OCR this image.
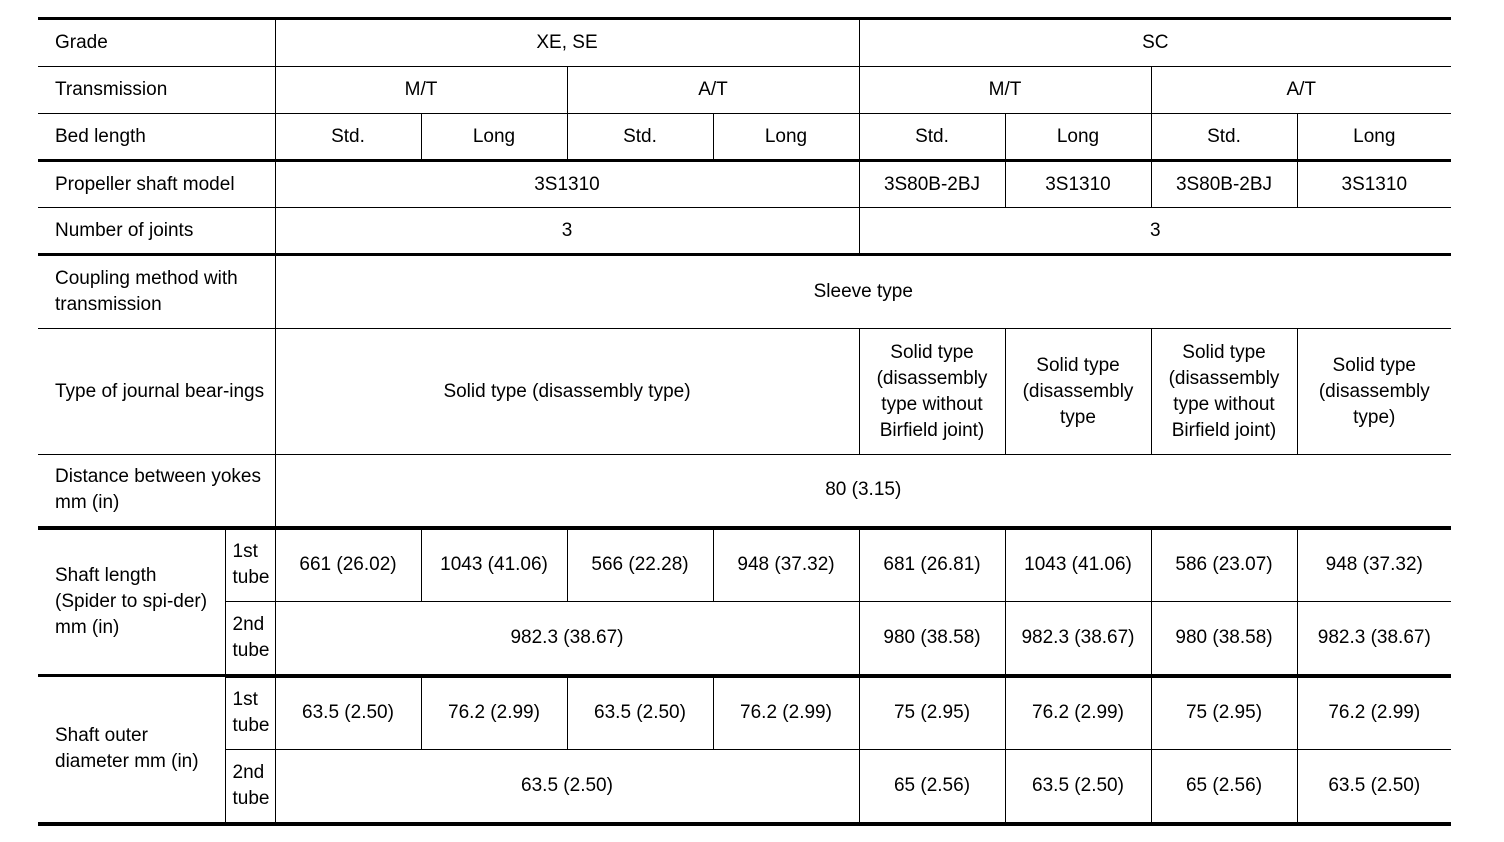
Grade		XE, SE				SC			
Transmission		M/T		A/T		M/T		A/T	
Bed length		Std.	Long	Std.	Long	Std.	Long	Std.	Long
Propeller shaft model		3S1310				3S80B-2BJ	3S1310	3S80B-2BJ	3S1310
Number of joints		3				3			
Coupling method with transmission		Sleeve type							
Type of journal bear-ings		Solid type (disassembly type)				Solid type (disassembly type without Birfield joint)	Solid type (disassembly type	Solid type (disassembly type without Birfield joint)	Solid type (disassembly type)
Distance between yokes mm (in)		80 (3.15)							
Shaft length (Spider to spi-der) mm (in)	1st tube	661 (26.02)	1043 (41.06)	566 (22.28)	948 (37.32)	681 (26.81)	1043 (41.06)	586 (23.07)	948 (37.32)
	2nd tube	982.3 (38.67)				980 (38.58)	982.3 (38.67)	980 (38.58)	982.3 (38.67)
Shaft outer diameter mm (in)	1st tube	63.5 (2.50)	76.2 (2.99)	63.5 (2.50)	76.2 (2.99)	75 (2.95)	76.2 (2.99)	75 (2.95)	76.2 (2.99)
	2nd tube	63.5 (2.50)				65 (2.56)	63.5 (2.50)	65 (2.56)	63.5 (2.50)
